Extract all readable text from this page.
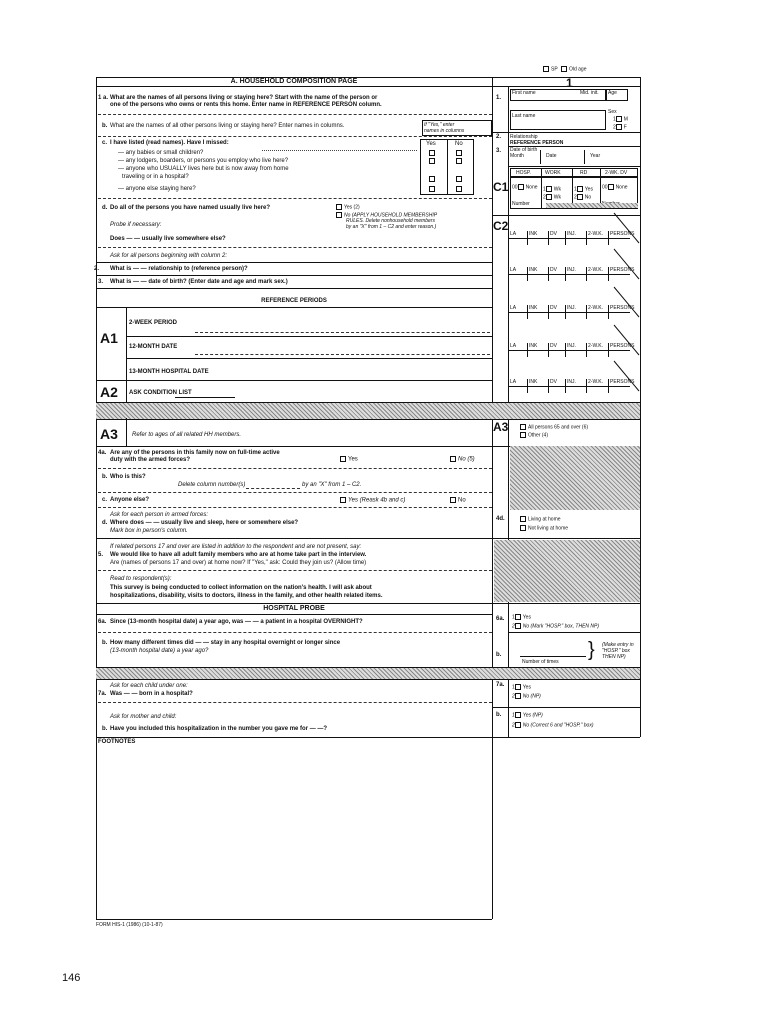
SP Old age
1
A. HOUSEHOLD COMPOSITION PAGE
1 a. What are the names of all persons living or staying here? Start with the name of the person or
one of the persons who owns or rents this home. Enter name in REFERENCE PERSON column.
b. What are the names of all other persons living or staying here? Enter names in columns.	If "Yes," enter
names in columns
c. I have listed (read names). Have I missed:	Yes	No
— any babies or small children?
— any lodgers, boarders, or persons you employ who live here?
— anyone who USUALLY lives here but is now away from home
traveling or in a hospital?
— anyone else staying here?
d. Do all of the persons you have named usually live here?	Yes (2)
No (APPLY HOUSEHOLD MEMBERSHIP
RULES. Delete nonhousehold members
by an "X" from 1 – C2 and enter reason.)
Probe if necessary:
Does — — usually live somewhere else?
Ask for all persons beginning with column 2:
2. What is — — relationship to (reference person)?
3. What is — — date of birth? (Enter date and age and mark sex.)
REFERENCE PERIODS
A1
2-WEEK PERIOD
12-MONTH DATE
13-MONTH HOSPITAL DATE
A2 ASK CONDITION LIST
A3 Refer to ages of all related HH members.
4a. Are any of the persons in this family now on full-time active
duty with the armed forces?	Yes	No (5)
b. Who is this?
Delete column number(s)	by an "X" from 1 – C2.
c. Anyone else?	Yes (Reask 4b and c)	No
Ask for each person in armed forces:
d. Where does — — usually live and sleep, here or somewhere else?
Mark box in person's column.
If related persons 17 and over are listed in addition to the respondent and are not present, say:
5. We would like to have all adult family members who are at home take part in the interview.
Are (names of persons 17 and over) at home now? If "Yes," ask: Could they join us? (Allow time)
Read to respondent(s):
This survey is being conducted to collect information on the nation's health. I will ask about
hospitalizations, disability, visits to doctors, illness in the family, and other health related items.
HOSPITAL PROBE
6a. Since (13-month hospital date) a year ago, was — — a patient in a hospital OVERNIGHT?
b. How many different times did — — stay in any hospital overnight or longer since
(13-month hospital date) a year ago?
Ask for each child under one:
7a. Was — — born in a hospital?
Ask for mother and child:
b. Have you included this hospitalization in the number you gave me for — —?
FOOTNOTES
FORM HIS-1 (1986) (10-1-87)
146
1.
First name	Mid. init. Age
Last name
Sex
1 M
2 F
2. Relationship
REFERENCE PERSON
3. Date of birth
Month	Date	Year
C1
HOSP.	WORK	RD	2-WK. DV
00 None 1 Wk
2 Wk
1 Yes
2 No
00 None
Number
C2
LA	INK	DV INJ. 2-W.K. PERSONS
LA	INK	DV INJ. 2-W.K. PERSONS
LA	INK	DV INJ. 2-W.K. PERSONS
LA	INK	DV INJ. 2-W.K. PERSONS
LA	INK	DV INJ. 2-W.K. PERSONS
A3	All persons 65 and over (6)
Other (4)
4d.	Living at home
Not living at home
6a. 1 Yes
2 No (Mark "HOSP." box, THEN NP)
b.
Number of times
} (Make entry in "HOSP." box THEN NP)
7a. 1 Yes
2 No (NP)
b. 1 Yes (NP)
2 No (Correct 6 and "HOSP." box)
